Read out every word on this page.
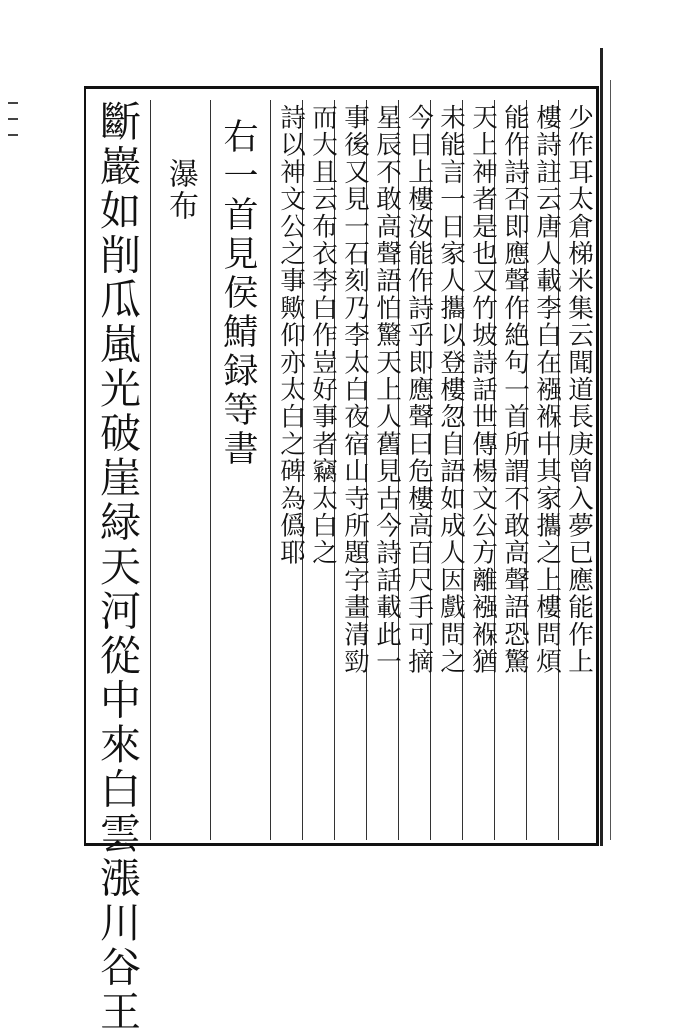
少作耳太倉梯米集云聞道長庚曾入夢已應能作上
樓詩註云唐人載李白在襁褓中其家攜之上樓問煩
能作詩否即應聲作絶句一首所謂不敢高聲語恐驚
天上神者是也又竹坡詩話世傳楊文公方離襁褓猶
未能言一日家人攜以登樓忽自語如成人因戲問之
今日上樓汝能作詩乎即應聲曰危樓高百尺手可摘
星辰不敢高聲語怕驚天上人舊見古今詩話載此一
事後又見一石刻乃李太白夜宿山寺所題字畫清勁
而大且云布衣李白作豈好事者竊太白之
詩以神文公之事歟仰亦太白之碑為僞耶
右一首見侯鯖録等書
瀑布
斷巖如削瓜嵐光破崖緑天河從中來白雲漲川谷王
